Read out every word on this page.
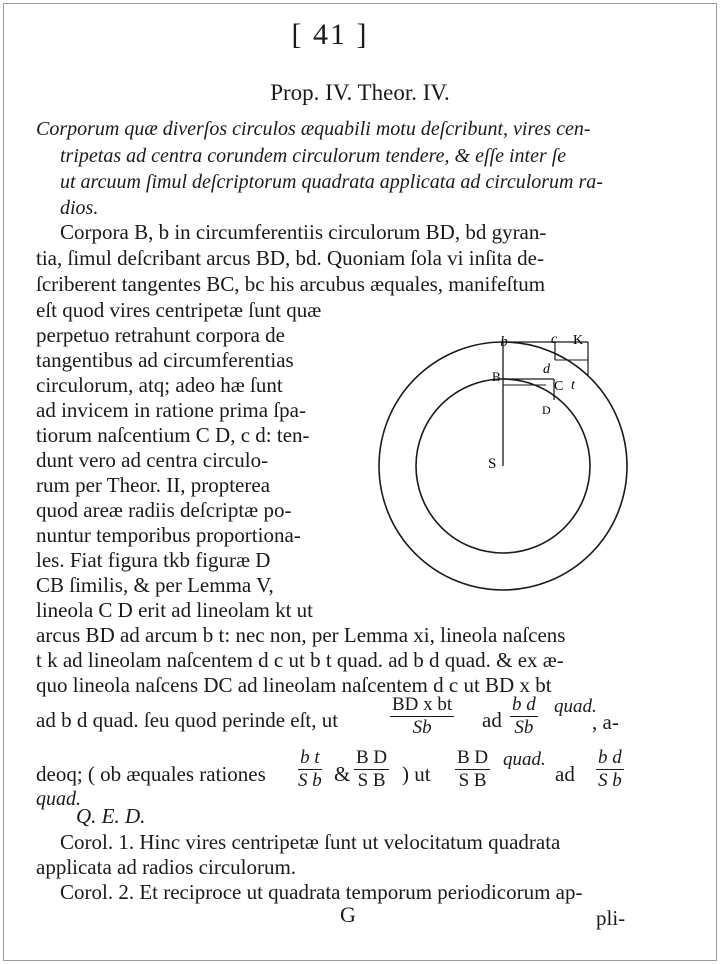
[ 41 ]
Prop. IV. Theor. IV.
Corporum quæ diverſos circulos æquabili motu deſcribunt, vires cen-
tripetas ad centra corundem circulorum tendere, & eſſe inter ſe
ut arcuum ſimul deſcriptorum quadrata applicata ad circulorum ra-
dios.
Corpora B, b in circumferentiis circulorum BD, bd gyran-
tia, ſimul deſcribant arcus BD, bd. Quoniam ſola vi inſita de-
ſcriberent tangentes BC, bc his arcubus æquales, manifeſtum
eſt quod vires centripetæ ſunt quæ
perpetuo retrahunt corpora de
tangentibus ad circumferentias
circulorum, atq; adeo hæ ſunt
ad invicem in ratione prima ſpa-
tiorum naſcentium C D, c d: ten-
dunt vero ad centra circulo-
rum per Theor. II, propterea
quod areæ radiis deſcriptæ po-
nuntur temporibus proportiona-
les. Fiat figura tkb figuræ D
CB ſimilis, & per Lemma V,
lineola C D erit ad lineolam kt ut
arcus BD ad arcum b t: nec non, per Lemma xi, lineola naſcens
t k ad lineolam naſcentem d c ut b t quad. ad b d quad. & ex æ-
quo lineola naſcens DC ad lineolam naſcentem d c ut BD x bt
ad b d quad. ſeu quod perinde eſt, ut	$\frac{\text{BD x bt}}{Sb}$ ad $\frac{\text{b d}}{Sb}$ quad.
, a-
deoq; ( ob æquales rationes $\frac{\text{b t}}{\text{S b}}$ & $\frac{\text{B D}}{\text{S B}}$ ) ut $\frac{\text{B D}}{\text{S B}}$ quad.
ad $\frac{\text{b d}}{\text{S b}}$
quad.
Q. E. D.
Corol. 1. Hinc vires centripetæ ſunt ut velocitatum quadrata
applicata ad radios circulorum.
Corol. 2. Et reciproce ut quadrata temporum periodicorum ap-
G	pli-
b	c K
d
B
C t
D
S
